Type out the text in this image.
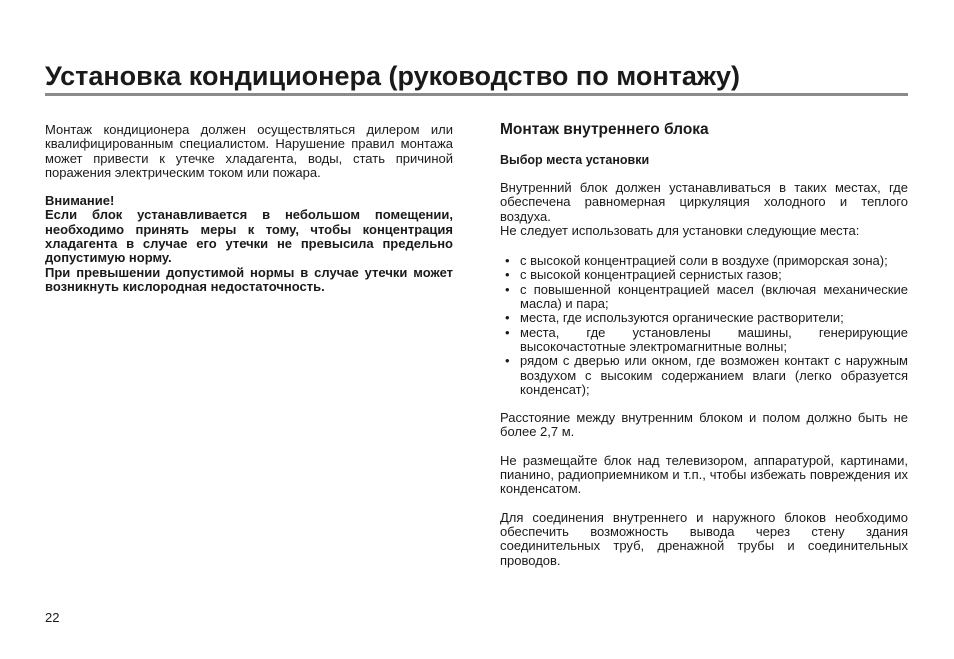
Установка кондиционера (руководство по монтажу)

Монтаж кондиционера должен осуществляться дилером или квалифицированным специалистом. Нарушение правил монтажа может привести к утечке хладагента, воды, стать причиной поражения электрическим током или пожара.

Внимание!

Если блок устанавливается в небольшом помещении, необходимо принять меры к тому, чтобы концентрация хладагента в случае его утечки не превысила предельно допустимую норму.

При превышении допустимой нормы в случае утечки может возникнуть кислородная недостаточность.

Монтаж внутреннего блока
Выбор места установки

Внутренний блок должен устанавливаться в таких местах, где обеспечена равномерная циркуляция холодного и теплого воздуха.

Не следует использовать для установки следующие места:

• с высокой концентрацией соли в воздухе (приморская зона);
• с высокой концентрацией сернистых газов;
• с повышенной концентрацией масел (включая механические масла) и пара;
• места, где используются органические растворители;
• места, где установлены машины, генерирующие высокочастотные электромагнитные волны;
• рядом с дверью или окном, где возможен контакт с наружным воздухом с высоким содержанием влаги (легко образуется конденсат);

Расстояние между внутренним блоком и полом должно быть не более 2,7 м.

Не размещайте блок над телевизором, аппаратурой, картинами, пианино, радиоприемником и т.п., чтобы избежать повреждения их конденсатом.

Для соединения внутреннего и наружного блоков необходимо обеспечить возможность вывода через стену здания соединительных труб, дренажной трубы и соединительных проводов.

22
